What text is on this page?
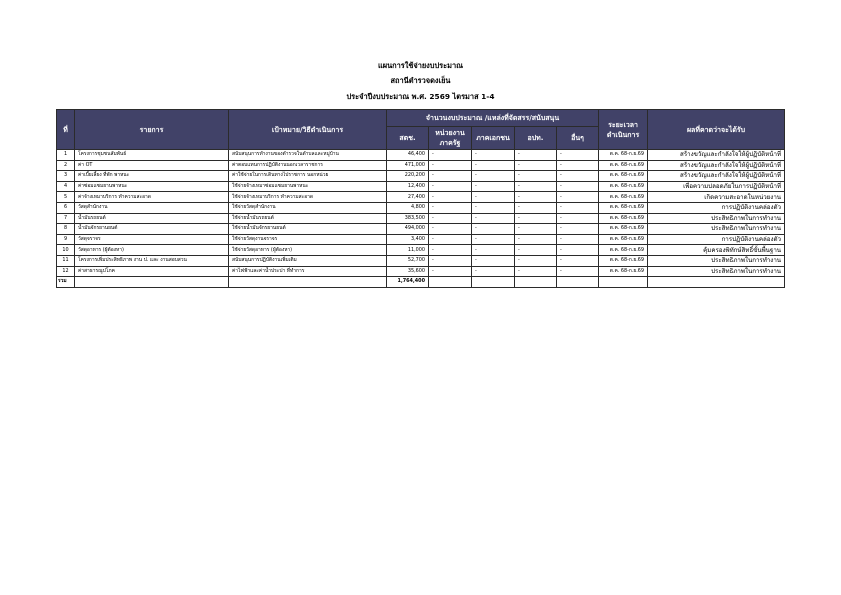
แผนการใช้จ่ายงบประมาณ
สถานีตำรวจดงเย็น
ประจำปีงบประมาณ พ.ศ. 2569 ไตรมาส 1-4
ที่	รายการ	เป้าหมาย/วิธีดำเนินการ	จำนวนงบประมาณ /แหล่งที่จัดสรร/สนับสนุน					ระยะเวลาดำเนินการ	ผลที่คาดว่าจะได้รับ
			สตช.	หน่วยงานภาครัฐ	ภาคเอกชน	อปท.	อื่นๆ		
1	โครงการชุมชนสัมพันธ์	สนับสนุนการทำงานของตำรวจในตำบลและหมู่บ้าน	46,400	-	-	-	-	ต.ค. 68-ก.ย.69	สร้างขวัญและกำลังใจให้ผู้ปฏิบัติหน้าที่
2	ค่า OT	ค่าตอบแทนการปฏิบัติงานนอกเวลาราชการ	471,000	-	-	-	-	ต.ค. 68-ก.ย.69	สร้างขวัญและกำลังใจให้ผู้ปฏิบัติหน้าที่
3	ค่าเบี้ยเลี้ยง ที่พัก พาหนะ	ค่าใช้จ่ายในการเดินทางไปราชการ นอกหน่วย	220,200	-	-	-	-	ต.ค. 68-ก.ย.69	สร้างขวัญและกำลังใจให้ผู้ปฏิบัติหน้าที่
4	ค่าซ่อมแซมยานพาหนะ	ใช้จ่ายจ้างเหมาซ่อมแซมยานพาหนะ	12,400	-	-	-	-	ต.ค. 68-ก.ย.69	เพื่อความปลอดภัยในการปฏิบัติหน้าที่
5	ค่าจ้างเหมาบริการ ทำความสะอาด	ใช้จ่ายจ้างเหมาบริการ ทำความสะอาด	27,400	-	-	-	-	ต.ค. 68-ก.ย.69	เกิดความสะอาดในหน่วยงาน
6	วัสดุสำนักงาน	ใช้จ่ายวัสดุสำนักงาน	4,800	-	-	-	-	ต.ค. 68-ก.ย.69	การปฏิบัติงานคล่องตัว
7	น้ำมันรถยนต์	ใช้จ่ายน้ำมันรถยนต์	383,500	-	-	-	-	ต.ค. 68-ก.ย.69	ประสิทธิภาพในการทำงาน
8	น้ำมันจักรยานยนต์	ใช้จ่ายน้ำมันจักรยานยนต์	494,000	-	-	-	-	ต.ค. 68-ก.ย.69	ประสิทธิภาพในการทำงาน
9	วัสดุจราจร	ใช้จ่ายวัสดุงานจราจร	3,400	-	-	-	-	ต.ค. 68-ก.ย.69	การปฏิบัติงานคล่องตัว
10	วัสดุอาหาร (ผู้ต้องหา)	ใช้จ่ายวัสดุอาหาร (ผู้ต้องหา)	11,000	-	-	-	-	ต.ค. 68-ก.ย.69	คุ้มครองพิทักษ์สิทธิ์ขั้นพื้นฐาน
11	โครงการเพิ่มประสิทธิภาพ งาน ป. และ งานสอบสวน	สนับสนุนการปฏิบัติงานเพิ่มเติม	52,700	-	-	-	-	ต.ค. 68-ก.ย.69	ประสิทธิภาพในการทำงาน
12	ค่าสาธารณูปโภค	ค่าไฟฟ้าและค่าน้ำประปา ที่ทำการ	35,600	-	-	-	-	ต.ค. 68-ก.ย.69	ประสิทธิภาพในการทำงาน
รวม			1,764,400						
